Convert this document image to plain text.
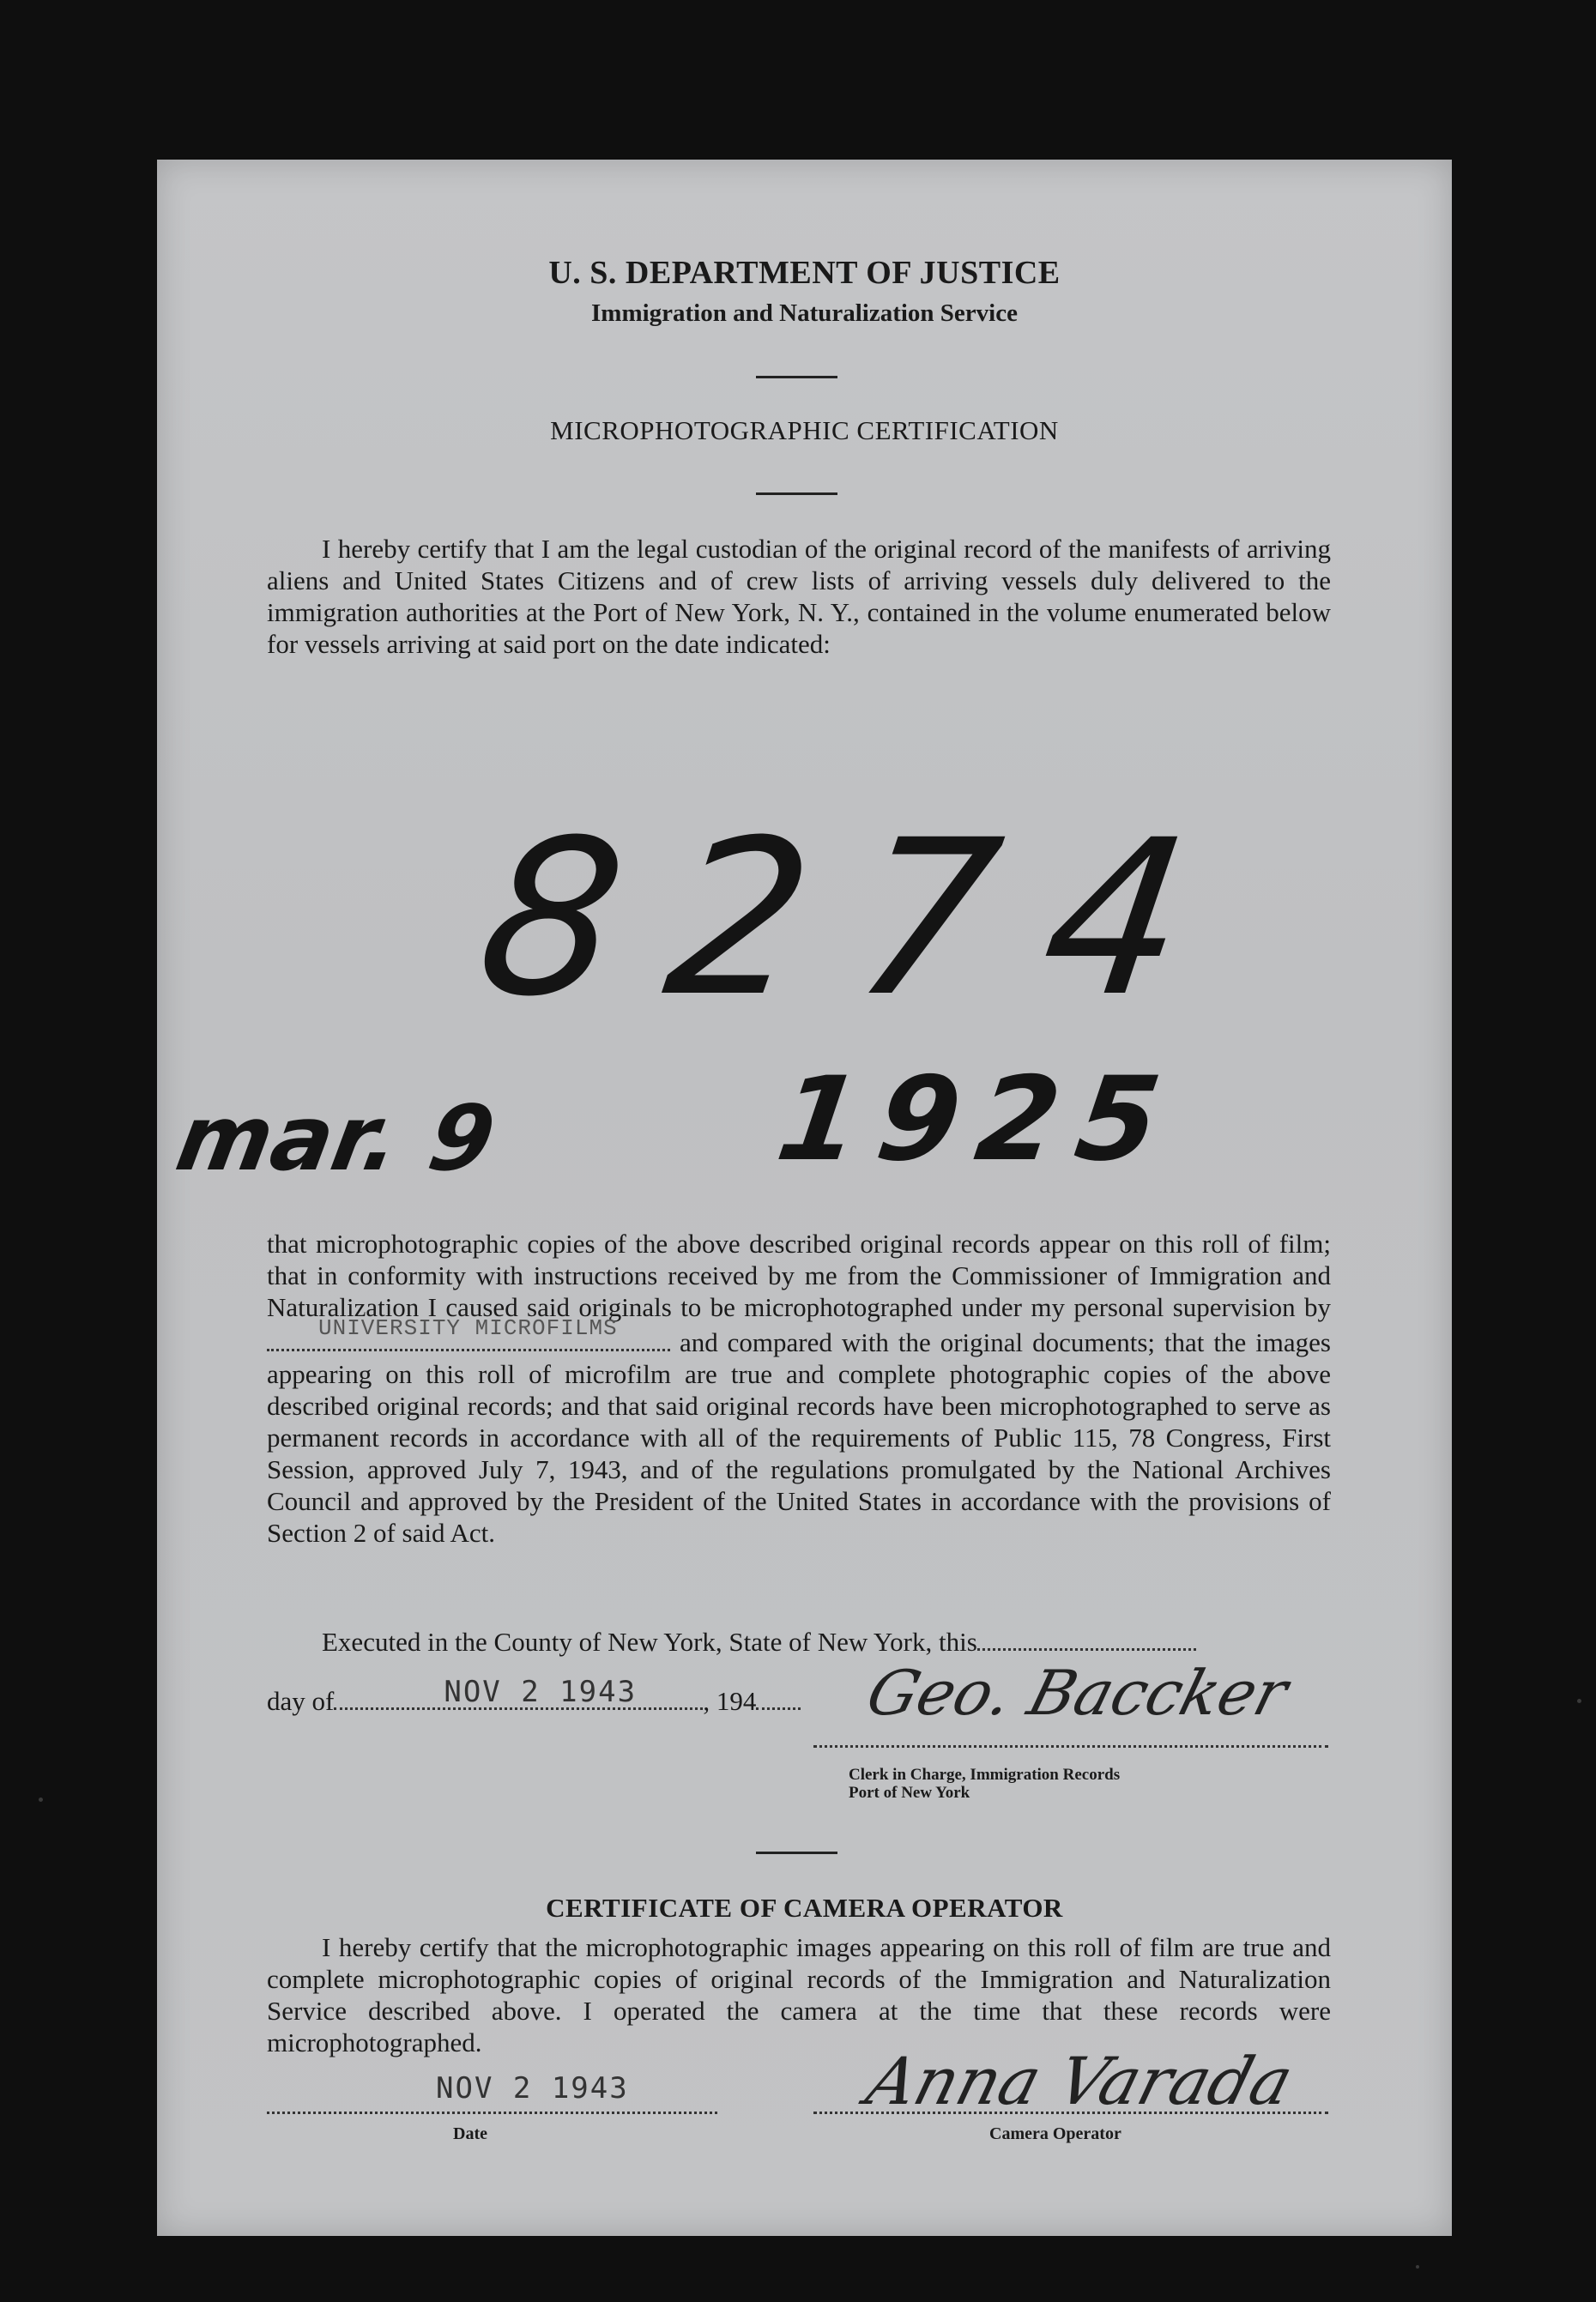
U. S. DEPARTMENT OF JUSTICE
Immigration and Naturalization Service
MICROPHOTOGRAPHIC CERTIFICATION
I hereby certify that I am the legal custodian of the original record of the manifests of arriving aliens and United States Citizens and of crew lists of arriving vessels duly delivered to the immigration authorities at the Port of New York, N. Y., contained in the volume enumerated below for vessels arriving at said port on the date indicated:
8274
mar. 9 1925
that microphotographic copies of the above described original records appear on this roll of film; that in conformity with instructions received by me from the Commissioner of Immigration and Naturalization I caused said originals to be microphotographed under my personal supervision by
UNIVERSITY MICROFILMS and compared with the original documents; that the images appearing on this roll of microfilm are true and complete photographic copies of the above described original records; and that said original records have been microphotographed to serve as permanent records in accordance with all of the requirements of Public 115, 78 Congress, First Session, approved July 7, 1943, and of the regulations promulgated by the National Archives Council and approved by the President of the United States in accordance with the provisions of Section 2 of said Act.
Executed in the County of New York, State of New York, this
day of	NOV 2 1943 , 194	Geo. Baccker
Clerk in Charge, Immigration Records
Port of New York
CERTIFICATE OF CAMERA OPERATOR
I hereby certify that the microphotographic images appearing on this roll of film are true and complete microphotographic copies of original records of the Immigration and Naturalization Service described above. I operated the camera at the time that these records were microphotographed.
NOV 2 1943
Date
Anna Varada
Camera Operator
